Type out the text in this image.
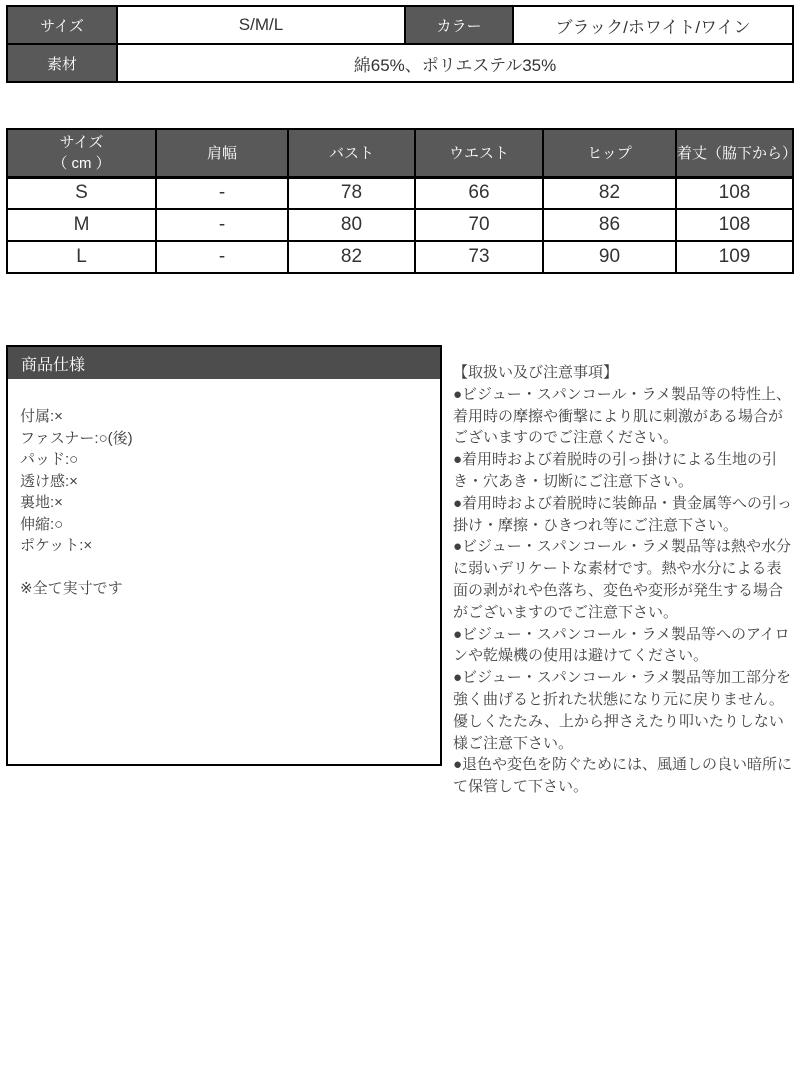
サイズ	S/M/L	カラー	ブラック/ホワイト/ワイン
素材	綿65%、ポリエステル35%		
サイズ
（ cm ）	肩幅	バスト	ウエスト	ヒップ	着丈（脇下から）
S	-	78	66	82	108
M	-	80	70	86	108
L	-	82	73	90	109
商品仕様
付属:×
ファスナー:○(後)
パッド:○
透け感:×
裏地:×
伸縮:○
ポケット:×
※全て実寸です

【取扱い及び注意事項】

●ビジュー・スパンコール・ラメ製品等の特性上、着用時の摩擦や衝撃により肌に刺激がある場合がございますのでご注意ください。

●着用時および着脱時の引っ掛けによる生地の引き・穴あき・切断にご注意下さい。

●着用時および着脱時に装飾品・貴金属等への引っ掛け・摩擦・ひきつれ等にご注意下さい。

●ビジュー・スパンコール・ラメ製品等は熱や水分に弱いデリケートな素材です。熱や水分による表面の剥がれや色落ち、変色や変形が発生する場合がございますのでご注意下さい。

●ビジュー・スパンコール・ラメ製品等へのアイロンや乾燥機の使用は避けてください。

●ビジュー・スパンコール・ラメ製品等加工部分を強く曲げると折れた状態になり元に戻りません。優しくたたみ、上から押さえたり叩いたりしない様ご注意下さい。

●退色や変色を防ぐためには、風通しの良い暗所にて保管して下さい。
